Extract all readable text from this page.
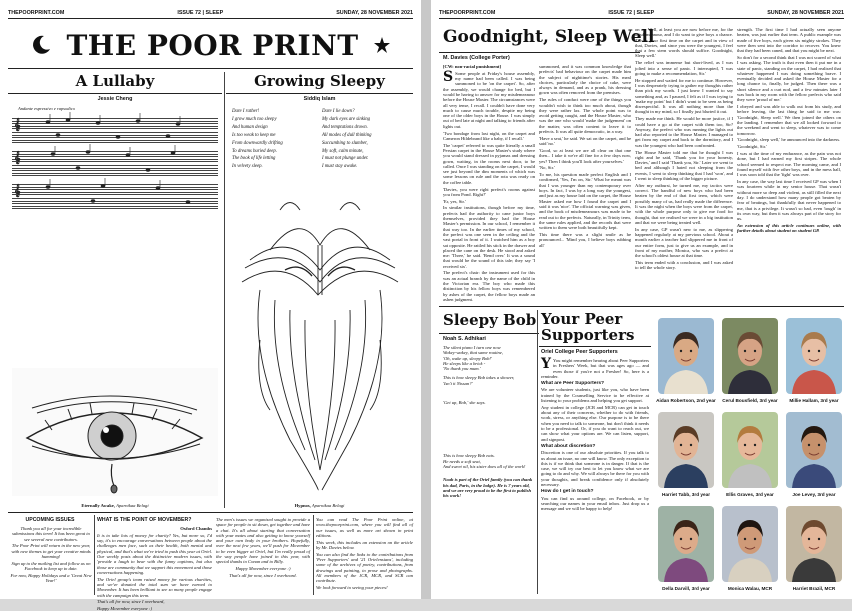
THEPOORPRINT.COM	ISSUE 72 | SLEEP	SUNDAY, 28 NOVEMBER 2021
THE POOR PRINT
A Lullaby
Jessie Cheng
Andante espressivo e rapsodico
𝄞
𝄞
𝄞
Eternally Awake, Aparnikaa Belagi
Growing Sleepy
Siddiq Islam
Dare I rather!
I grow much too sleepy
And human design
Is too weak to keep me
From downwardly drifting
To dreams buried deep.
The book of life letting
In velvety sleep.
Dare I lie down?
My dark eyes are sinking
And temptations drown.
All modes of dull thinking
Succumbing to slumber,
My soft, calm minute,
I must not plunge under.
I must stay awake.
Hypnos, Aparnikaa Belagi
UPCOMING ISSUES

Thank you all for your incredible submissions this term! It has been great to see several new contributors.

The Poor Print will return in the new year, with new themes to get your creative minds humming!

Sign up to the mailing list and follow us on Facebook to keep up to date.

For now, Happy Holidays and a 'Great New Year!'

WHAT IS THE POINT OF MOVEMBER?

Oxford Chambs

It is to take lots of money for charity? Yes, but more so, I'd say, it's to encourage conversations between people about the challenges men face, such as their health, both mental and physical, and that's what we're tried to push this year at Oriel. Our weekly posts about the distinctive modern issues, with 'provide a laugh to bear with the funny captions, but also those are community that we support this movement and those conversations happening.

The Oriel group's team raised money for various charities, and we've donated the total sum we have earned to Movember. It has been brilliant to see so many people engage with the campaign this term.

That's all for now, since I overheard,

Happy Movember everyone :)

The men's issues we organised sought to provide a space for people to sit down, get together and have a chat. It's all about starting that conversation with your mates and also getting to know yourself and your own body in your brothers. Hopefully, over the next few years, we'll push for Movember to be even bigger at Oriel, but I'm really proud of the way people have joined in this year, with special thanks to Conan and to Billy.

Happy Movember everyone :)

That's all for now, since I overheard.

You can read The Poor Print online, at www.thepoorprint.com, where you will find all of our issues, as well as more art shown in print editions.

This week, this includes an extension on the article by Mr. Davies below.

You can also find the links to the contributions from 'Peer Supporters' and '21 Orielensians', including some of the archives of poetry, contributions, from drawings and painting, to prose and photographs. All members of the JCR, MCR, and SCR can contribute.

We look forward to seeing your pieces!

THEPOORPRINT.COM	ISSUE 72 | SLEEP	SUNDAY, 28 NOVEMBER 2021
Goodnight, Sleep Well
M. Davies (College Porter)

[CW: non-racial punishment]

S Some people at Friday's house assembly, my name had been called. I was being summoned to be 'on the carpet'. So, after the assembly, we would change for bed, but I would be having to answer for my misdemeanour before the House Master. The circumstances were all very tense, I recall. I couldn't have done very much to cause much trouble, despite my being one of the older boys in the House. I was simply out of bed late at night and talking to friends after lights out.

'Two bondage from last night, on the carpet and Cameron Hildebrand like a baby, if I recall.'

The 'carpet' referred to was quite literally a small Persian carpet in the House Master's study where you would stand dressed in pyjamas and dressing gown, waiting, in the rooms next door, to be called. Once I was standing on the carpet, I would see just beyond the dim moments of which was some lessons on rule and the rota was ready on the coffee table.

'Davies, you were right prefect's rooms against you from Pond. Right?'

'Er, yes, Sir.'

In similar institutions, though before my time, prefects had the authority to cane junior boys themselves, provided they had the House Master's permission. In our school, I remember it that way too. In the earlier times of my school, the prefect was one seen in the ceiling and the vast portal in front of it. I watched him as a boy sat opposite. He rattled his stick in the drawer and placed the cane on the desk. He stood and asked me: 'Three,' he said. 'Bend over.' It was a sound that would be the sound of this tale; they say 'I received six'.

The prefect's chair: the instrument used for this was an actual branch by the name of the child in the Victorian era. The boy who made this distinction by his fellow boys was remembered by ashes of the carpet, the fellow boys made an ashen judgment.

summoned, and it was common knowledge that prefects' bad behaviour on the carpet made him the subject of nighttime's stories. His meal choices, particularly the choice of cake, were always in demand, and as a prank, his dressing gown was often removed from the premises.

The rules of conduct were one of the things you wouldn't wish to think too much about, though they were rather lax. The whole point was to avoid getting caught, and the House Master, who was the one who would 'make the judgement' on the matter, was often content to leave it to prefects. It was all quite democratic, in a way.

'Have a seat,' he said. We sat on the carpet, and he said 'no.'

'Good, so at least we are all clear on that one then... I take it we're all fine for a few days now, yes? Then I think you'll look after yourselves.'

'No, Sir.'

To me, his question made perfect English and I confirmed, 'Yes, I'm on, Sir.' What he meant was that I was younger than my contemporary over boys. In fact, I was by a long way the youngest, and just as my house laid on the carpet, the House Master asked me how I found the carpet and I said it was 'nice'. The official warning was given, and the book of misdemeanours was made to be read out to the prefects. Naturally, in Trinity term, the same rules applied, and the records that were written to them were both beautifully kept.

This time there was a slight smile as he pronounced... 'Mind you, I believe boys rubbing all'

on us. Well, at least you are now before me, for the misdemeanour, and I do want to give boys a chance. This is your first time on the carpet and in view of that, Davies, and since you were the youngest, I feel that a few stern words should suffice. Goodnight, Sleep well.'

The relief was immense but short-lived, as I was jolted into a sense of panic. I interrupted, 'I was going to make a recommendation, Sir.'

He stopped and waited for me to continue. However, I was desperately trying to gather my thoughts rather than pick my words. I just knew I wanted to say something and, as I paused, I felt as if I was trying to 'make my point' but I didn't want to be seen as being disrespectful. It was all nothing more than the thought in my mind, so I finally just blurted it out.

They made me think. He would be more justice, if I could have a go at the carpet with them too, Sir? Anyway, the prefect who was running the lights out had also reported to the House Master. I managed to get from my carpet and back to the dormitory, and I was the youngest who had been confronted.

The House Master told me that he thought I was right and he said, 'Thank you for your honesty, Davies,' and I said 'Thank you, Sir.' Later we went to bed and although I hated not sleeping from the events, I went to sleep thinking that I had 'won', and I went to sleep thinking of the bigger picture.

After my outburst, he turned me, my tactics were correct. The handful of new boys who had been beaten by the end of that first term, which were possibly many of us, had really made the difference. It was the night when the boys were from the carpet, with the whole purpose only to give me food for thought, that we realised we were in a big institution and that we were being treated well.

In any case, GP wasn't new to me, as slippering happened regularly at my previous school. About a month earlier a teacher had slippered me in front of our entire form, just to give us an example, and in front of my mother, Monica, who was a prefect at the school's oldest house at that time.

This term ended with a conclusion, and I was asked to tell the whole story.

strength. The first time I had actually seen anyone beaten, was just earlier that term. A public example was made of five boys, each given six mighty strokes. They were then sent into the corridor to recover. You knew that they had been caned, and that you might be next.

So don't for a second think that I was not scared of what I was asking. The truth is that even then it put me in a state of panic, standing on the carpet, I had realised that whatever happened I was doing something brave. I eventually decided and asked the House Master for a long chance to, finally, be judged. Then there was a short silence and a curt nod, and a few minutes later I was back in my room with the fellow prefects who said they were 'proud of me.'

I obeyed and was able to walk out from his study, and before leaving, the last thing he said to me was: 'Goodnight, Sleep well.' We then joined the others on the landing. I remember that we all looked forward to the weekend and went to sleep, whatever was to come tomorrow.

'Goodnight, sleep well,' he announced into the darkness.

'Goodnight, Sir.'

I was at the time of my endurance, as the pain was not done, but I had earned my first stripes. The whole school seemed to respect me. The morning came, and I found myself with five other boys, and in the mess hall, I was soon told that the 'fight' was over.

In any case, the way last time I received GP was when I was fourteen while in my senior house. That wasn't without more so deep and violent, as still filled the next day. I do understand how many people got beaten by fear of beatings, but thankfully that never happened to me, that is a privilege. It wasn't so bad, even 'tough' in its own way, but then it was always part of the story for us.

An extension of this article continues online, with further details about student on student GP.

Sleepy Bob
Noah S. Adhikari

The silent piano I turn one now
Wakey-wakey, that same routine,
'Oh, wake up, sleepy Bob!'
He sleeps like a brick -
'No thank you mum.'

This is how sleepy Bob takes a shower,
'Isn't it Nissan?'

'Get up, Bob,' she says.

This is how sleepy Bob eats.
He needs a soft seat,
And sweet oil, his sister does all of the work!

Noah is part of the Oriel family (you can thank his dad, Paris, in the lodge). He is 7 years old, and we are very proud to be the first to publish his work!

Your Peer Supporters
Oriel College Peer Supporters

Y You might remember hearing about Peer Supporters in Freshers' Week, but that was ages ago — and even those if you're not a Fresher! So, here is a reminder.

What are Peer Supporters?

We are volunteer students, just like you, who have been trained by the Counselling Service to be effective at listening to your problems and helping you get support.

Any student in college (JCR and MCR) can get in touch about any of their concerns, whether to do with friends, work, stress, or anything else. Our purpose is to be there when you need to talk to someone, but don't think it needs to be a professional. Or, if you do want to reach out, we can show what your options are. We can listen, support, and signpost.

What about discretion?

Discretion is one of our absolute priorities. If you talk to us about an issue, no one will know. The only exception to this is if we think that someone is in danger. If that is the case, we will try our best to let you know what we are going to do and why. We will always be there for you with your thoughts, and break confidence only if absolutely necessary.

How do I get in touch?

You can find us around college, on Facebook, or by searching our names in your email inbox. Just drop us a message and we will be happy to help!

Aidan Robertson, 2nd year	Cerul Bousfield, 3rd year	Millie Hallam, 3rd year
Harriet Tabb, 3rd year	Ellis Graves, 3rd year	Joe Levey, 3rd year
Della Darvill, 3rd year	Monica Walau, MCR	Harriet Brazil, MCR
